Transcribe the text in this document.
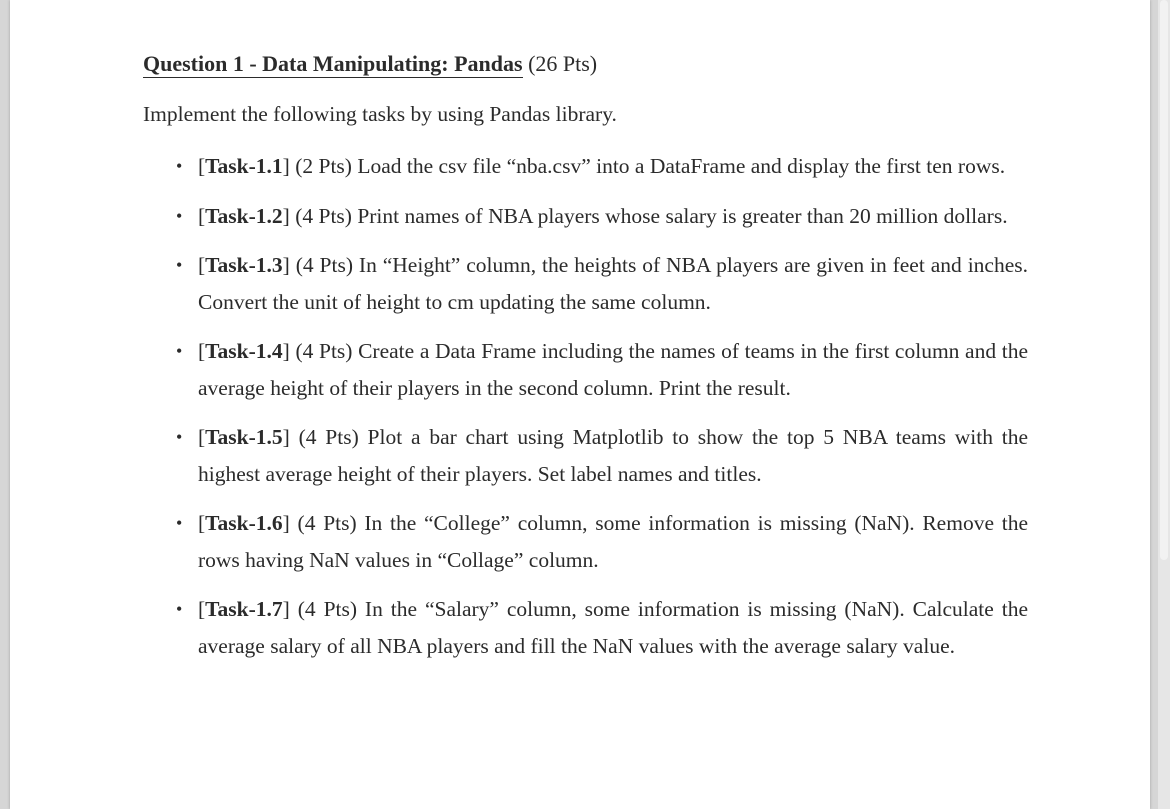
Question 1 - Data Manipulating: Pandas (26 Pts)
Implement the following tasks by using Pandas library.
• [Task-1.1] (2 Pts) Load the csv file “nba.csv” into a DataFrame and display the first ten rows.
• [Task-1.2] (4 Pts) Print names of NBA players whose salary is greater than 20 million dollars.
• [Task-1.3] (4 Pts) In “Height” column, the heights of NBA players are given in feet and inches. Convert the unit of height to cm updating the same column.
• [Task-1.4] (4 Pts) Create a Data Frame including the names of teams in the first column and the average height of their players in the second column. Print the result.
• [Task-1.5] (4 Pts) Plot a bar chart using Matplotlib to show the top 5 NBA teams with the highest average height of their players. Set label names and titles.
• [Task-1.6] (4 Pts) In the “College” column, some information is missing (NaN). Remove the rows having NaN values in “Collage” column.
• [Task-1.7] (4 Pts) In the “Salary” column, some information is missing (NaN). Calculate the average salary of all NBA players and fill the NaN values with the average salary value.
